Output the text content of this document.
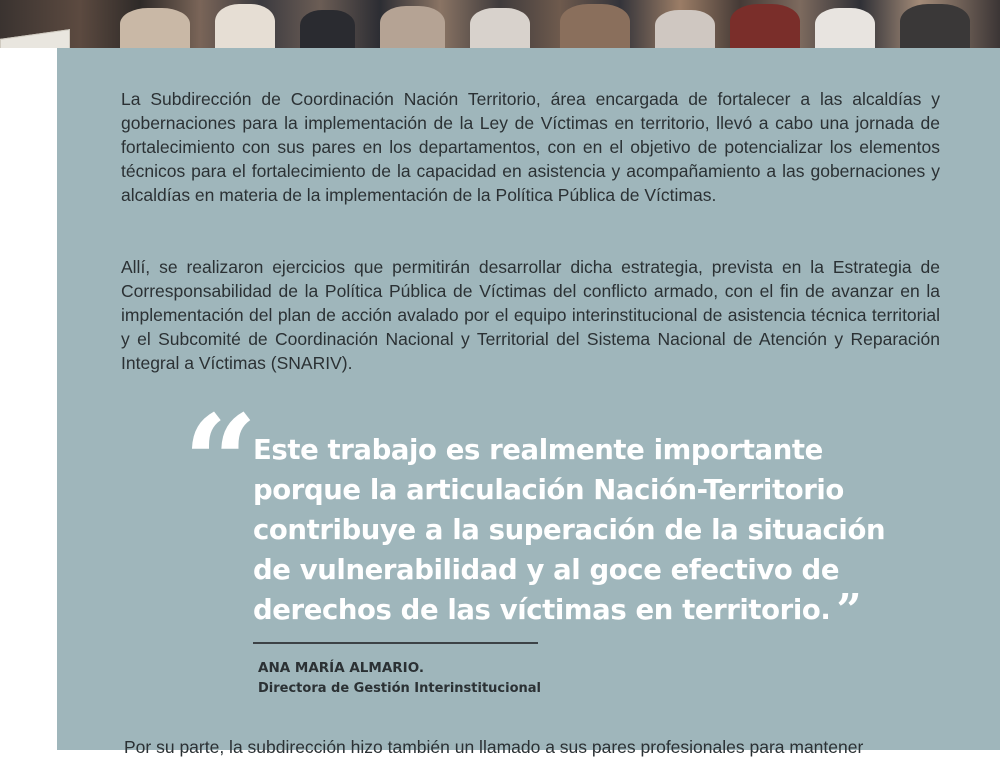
La Subdirección de Coordinación Nación Territorio, área encargada de fortalecer a las alcaldías y gobernaciones para la implementación de la Ley de Víctimas en territorio, llevó a cabo una jornada de fortalecimiento con sus pares en los departamentos, con en el objetivo de potencializar los elementos técnicos para el fortalecimiento de la capacidad en asistencia y acompañamiento a las gobernaciones y alcaldías en materia de la implementación de la Política Pública de Víctimas.

Allí, se realizaron ejercicios que permitirán desarrollar dicha estrategia, prevista en la Estrategia de Corresponsabilidad de la Política Pública de Víctimas del conflicto armado, con el fin de avanzar en la implementación del plan de acción avalado por el equipo interinstitucional de asistencia técnica territorial y el Subcomité de Coordinación Nacional y Territorial del Sistema Nacional de Atención y Reparación Integral a Víctimas (SNARIV).

“

Este trabajo es realmente importante porque la articulación Nación-Territorio contribuye a la superación de la situación de vulnerabilidad y al goce efectivo de derechos de las víctimas en territorio. ”

ANA MARÍA ALMARIO.
Directora de Gestión Interinstitucional

Por su parte, la subdirección hizo también un llamado a sus pares profesionales para mantener
